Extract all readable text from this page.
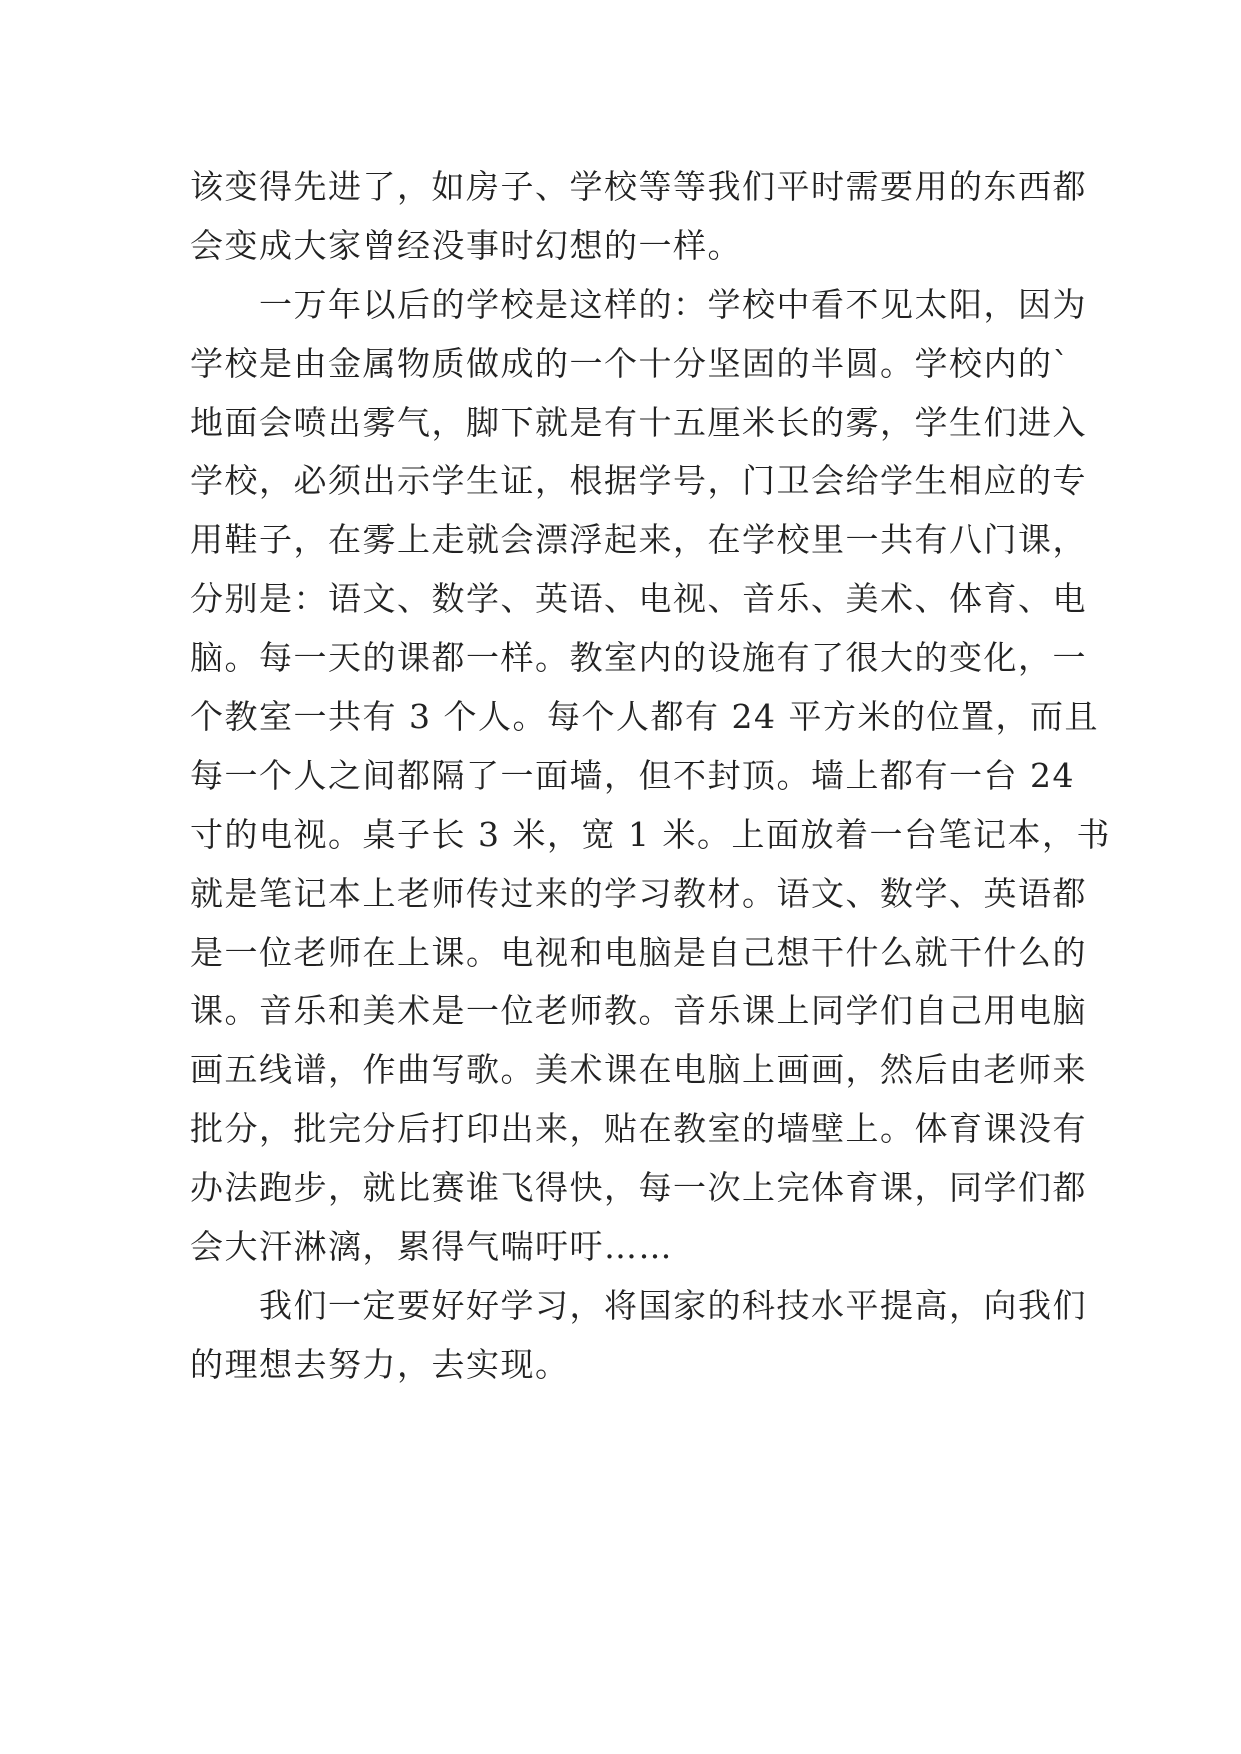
该变得先进了，如房子、学校等等我们平时需要用的东西都
会变成大家曾经没事时幻想的一样。
　　一万年以后的学校是这样的：学校中看不见太阳，因为
学校是由金属物质做成的一个十分坚固的半圆。学校内的`
地面会喷出雾气，脚下就是有十五厘米长的雾，学生们进入
学校，必须出示学生证，根据学号，门卫会给学生相应的专
用鞋子，在雾上走就会漂浮起来，在学校里一共有八门课，
分别是：语文、数学、英语、电视、音乐、美术、体育、电
脑。每一天的课都一样。教室内的设施有了很大的变化，一
个教室一共有 3 个人。每个人都有 24 平方米的位置，而且
每一个人之间都隔了一面墙，但不封顶。墙上都有一台 24
寸的电视。桌子长 3 米，宽 1 米。上面放着一台笔记本，书
就是笔记本上老师传过来的学习教材。语文、数学、英语都
是一位老师在上课。电视和电脑是自己想干什么就干什么的
课。音乐和美术是一位老师教。音乐课上同学们自己用电脑
画五线谱，作曲写歌。美术课在电脑上画画，然后由老师来
批分，批完分后打印出来，贴在教室的墙壁上。体育课没有
办法跑步，就比赛谁飞得快，每一次上完体育课，同学们都
会大汗淋漓，累得气喘吁吁……
　　我们一定要好好学习，将国家的科技水平提高，向我们
的理想去努力，去实现。
